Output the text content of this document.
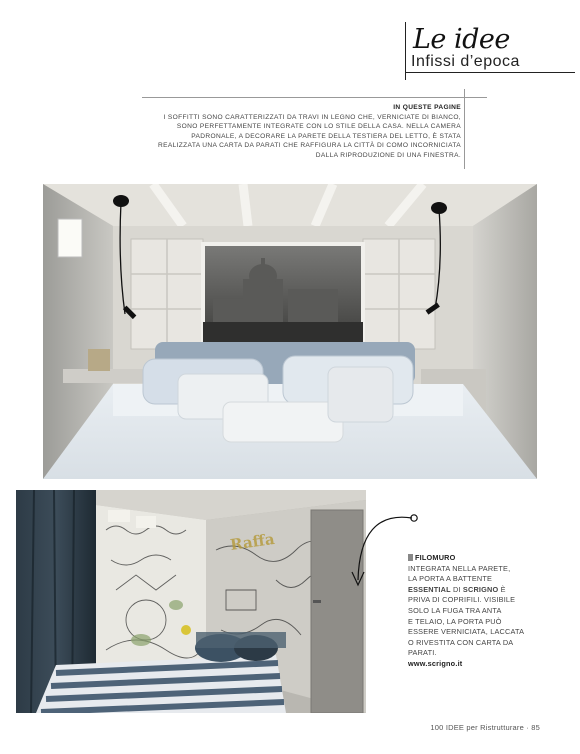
Le idee
Infissi d’epoca
IN QUESTE PAGINE
I SOFFITTI SONO CARATTERIZZATI DA TRAVI IN LEGNO CHE, VERNICIATE DI BIANCO,
SONO PERFETTAMENTE INTEGRATE CON LO STILE DELLA CASA. NELLA CAMERA
PADRONALE, A DECORARE LA PARETE DELLA TESTIERA DEL LETTO, È STATA
REALIZZATA UNA CARTA DA PARATI CHE RAFFIGURA LA CITTÀ DI COMO INCORNICIATA
DALLA RIPRODUZIONE DI UNA FINESTRA.
Raffa
FILOMURO
INTEGRATA NELLA PARETE,
LA PORTA A BATTENTE
ESSENTIAL DI SCRIGNO È
PRIVA DI COPRIFILI. VISIBILE
SOLO LA FUGA TRA ANTA
E TELAIO, LA PORTA PUÒ
ESSERE VERNICIATA, LACCATA
O RIVESTITA CON CARTA DA
PARATI.
www.scrigno.it
100 IDEE per Ristrutturare · 85
